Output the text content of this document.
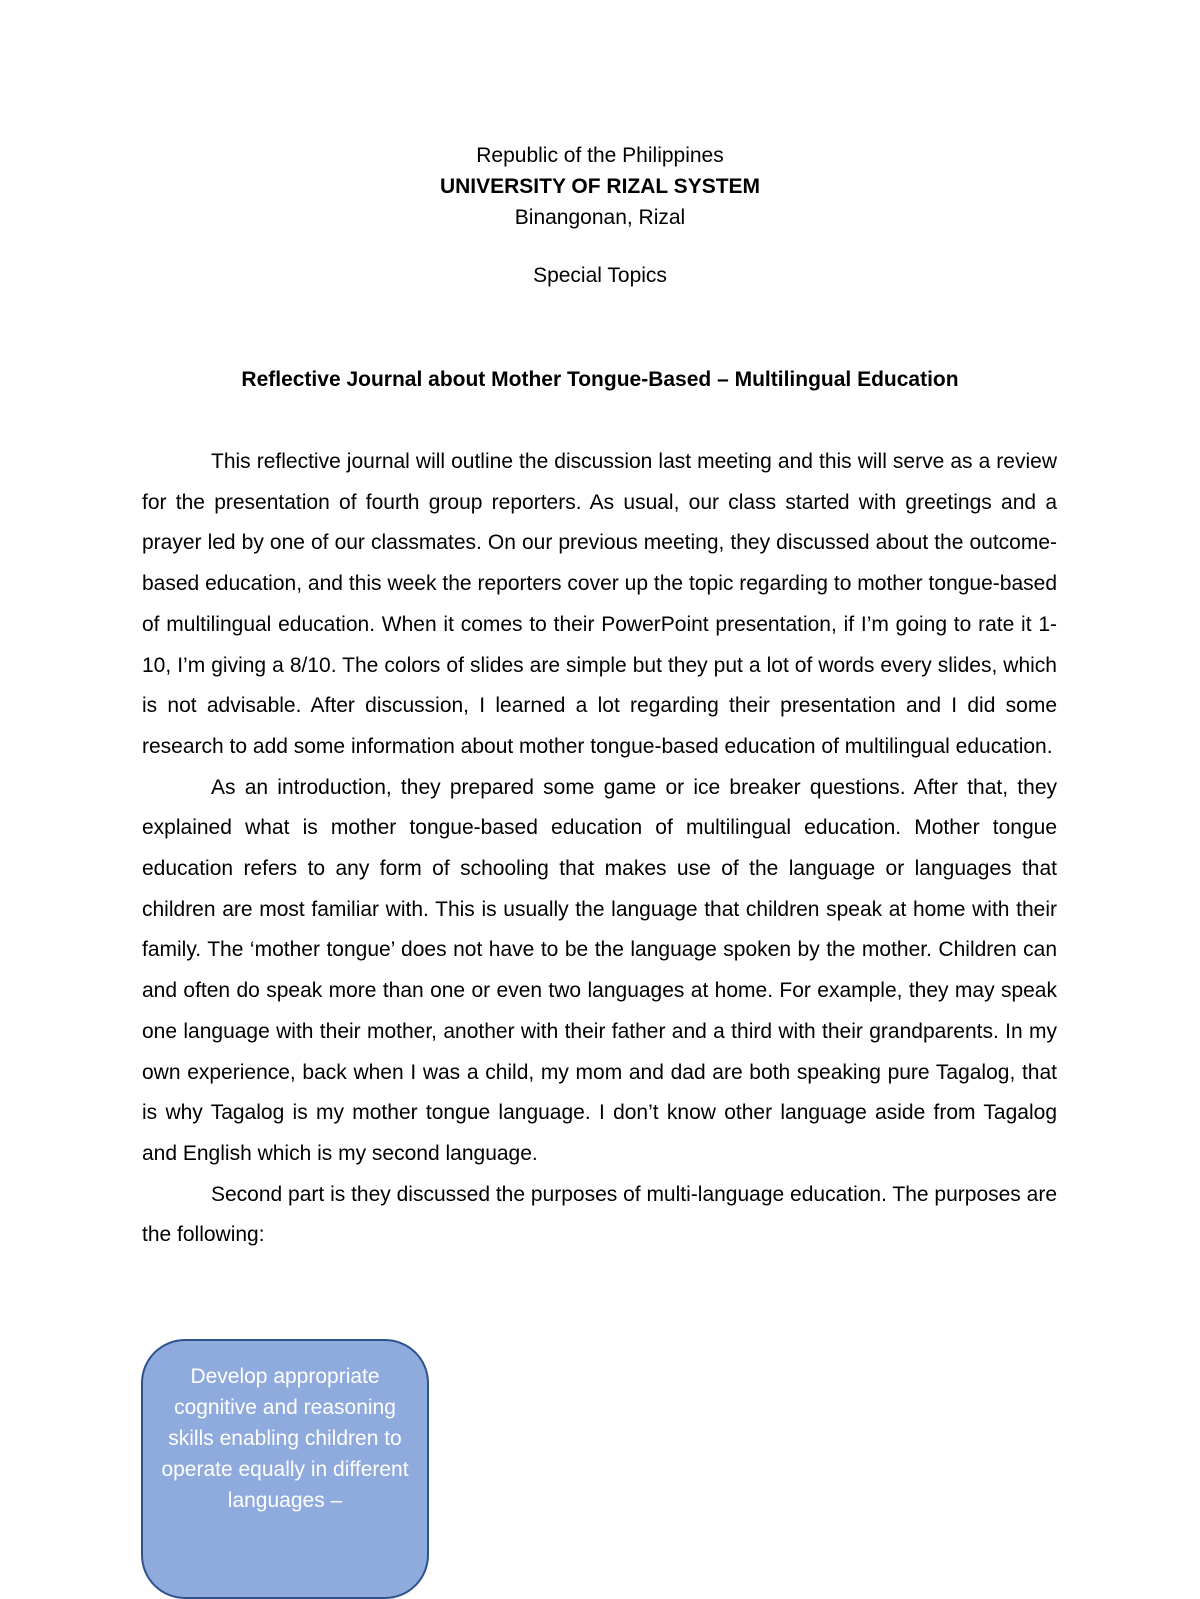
Republic of the Philippines
UNIVERSITY OF RIZAL SYSTEM
Binangonan, Rizal
Special Topics
Reflective Journal about Mother Tongue-Based – Multilingual Education

This reflective journal will outline the discussion last meeting and this will serve as a review for the presentation of fourth group reporters. As usual, our class started with greetings and a prayer led by one of our classmates. On our previous meeting, they discussed about the outcome-based education, and this week the reporters cover up the topic regarding to mother tongue-based of multilingual education. When it comes to their PowerPoint presentation, if I’m going to rate it 1-10, I’m giving a 8/10. The colors of slides are simple but they put a lot of words every slides, which is not advisable. After discussion, I learned a lot regarding their presentation and I did some research to add some information about mother tongue-based education of multilingual education.

As an introduction, they prepared some game or ice breaker questions. After that, they explained what is mother tongue-based education of multilingual education. Mother tongue education refers to any form of schooling that makes use of the language or languages that children are most familiar with. This is usually the language that children speak at home with their family. The ‘mother tongue’ does not have to be the language spoken by the mother. Children can and often do speak more than one or even two languages at home. For example, they may speak one language with their mother, another with their father and a third with their grandparents. In my own experience, back when I was a child, my mom and dad are both speaking pure Tagalog, that is why Tagalog is my mother tongue language. I don’t know other language aside from Tagalog and English which is my second language.

Second part is they discussed the purposes of multi-language education. The purposes are the following:

Develop appropriate cognitive and reasoning skills enabling children to operate equally in different languages –
